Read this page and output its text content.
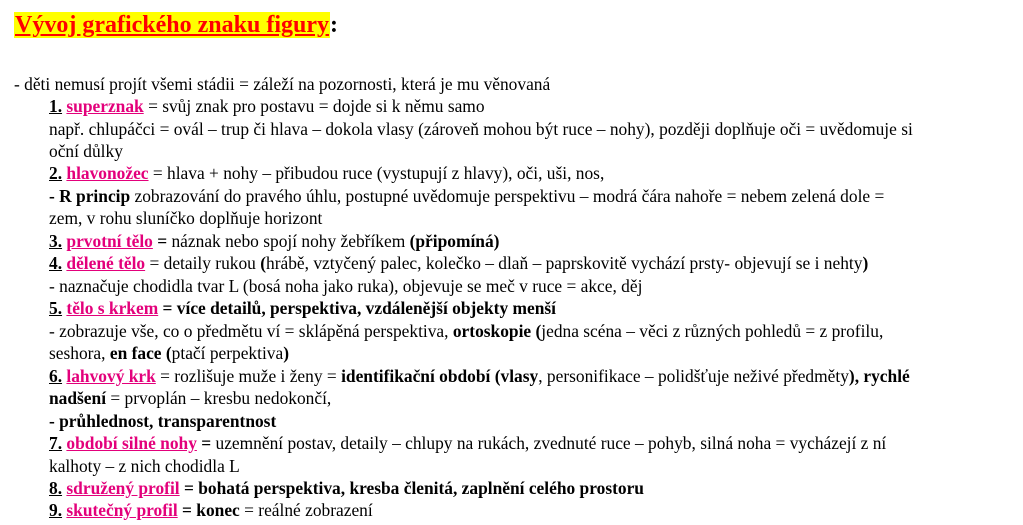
Vývoj grafického znaku figury:
- děti nemusí projít všemi stádii = záleží na pozornosti, která je mu věnovaná
1. superznak = svůj znak pro postavu = dojde si k němu samo
např. chlupáčci = ovál – trup či hlava – dokola vlasy (zároveň mohou být ruce – nohy), později doplňuje oči = uvědomuje si
oční důlky
2. hlavonožec = hlava + nohy – přibudou ruce (vystupují z hlavy), oči, uši, nos,
- R princip zobrazování do pravého úhlu, postupné uvědomuje perspektivu – modrá čára nahoře = nebem zelená dole =
zem, v rohu sluníčko doplňuje horizont
3. prvotní tělo = náznak nebo spojí nohy žebříkem (připomíná)
4. dělené tělo = detaily rukou (hrábě, vztyčený palec, kolečko – dlaň – paprskovitě vychází prsty- objevují se i nehty)
- naznačuje chodidla tvar L (bosá noha jako ruka), objevuje se meč v ruce = akce, děj
5. tělo s krkem = více detailů, perspektiva, vzdálenější objekty menší
- zobrazuje vše, co o předmětu ví = sklápěná perspektiva, ortoskopie (jedna scéna – věci z různých pohledů = z profilu,
seshora, en face (ptačí perpektiva)
6. lahvový krk = rozlišuje muže i ženy = identifikační období (vlasy, personifikace – polidšťuje neživé předměty), rychlé
nadšení = prvoplán – kresbu nedokončí,
- průhlednost, transparentnost
7. období silné nohy = uzemnění postav, detaily – chlupy na rukách, zvednuté ruce – pohyb, silná noha = vycházejí z ní
kalhoty – z nich chodidla L
8. sdružený profil = bohatá perspektiva, kresba členitá, zaplnění celého prostoru
9. skutečný profil = konec = reálné zobrazení
